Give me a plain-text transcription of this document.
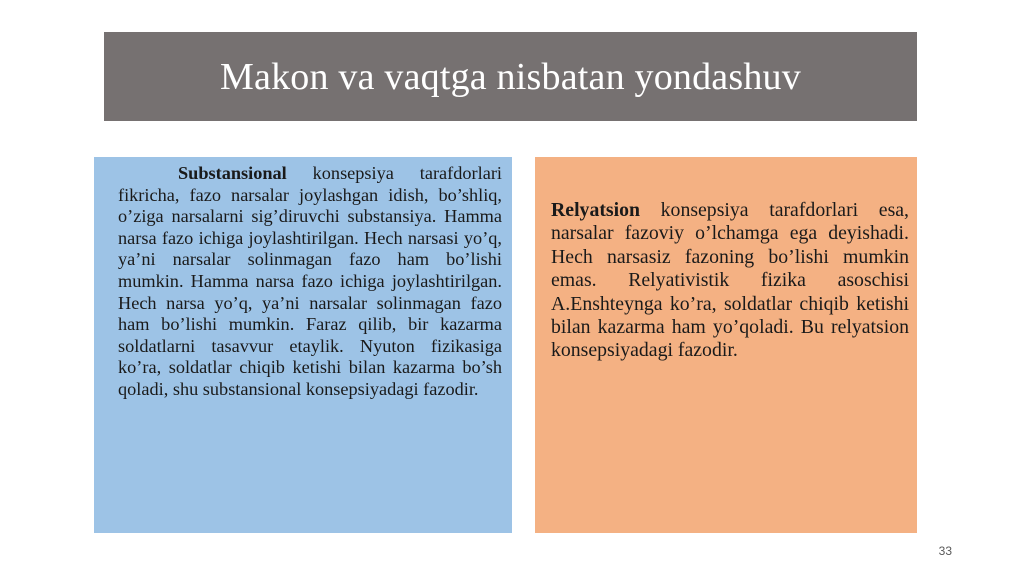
Makon va vaqtga nisbatan yondashuv

Substansional konsepsiya tarafdorlari fikricha, fazo narsalar joylashgan idish, bo’shliq, o’ziga narsalarni sig’diruvchi substansiya. Hamma narsa fazo ichiga joylashtirilgan. Hech narsasi yo’q, ya’ni narsalar solinmagan fazo ham bo’lishi mumkin. Hamma narsa fazo ichiga joylashtirilgan. Hech narsa yo’q, ya’ni narsalar solinmagan fazo ham bo’lishi mumkin. Faraz qilib, bir kazarma soldatlarni tasavvur etaylik. Nyuton fizikasiga ko’ra, soldatlar chiqib ketishi bilan kazarma bo’sh qoladi, shu substansional konsepsiyadagi fazodir.

Relyatsion konsepsiya tarafdorlari esa, narsalar fazoviy o’lchamga ega deyishadi. Hech narsasiz fazoning bo’lishi mumkin emas. Relyativistik fizika asoschisi A.Enshteynga ko’ra, soldatlar chiqib ketishi bilan kazarma ham yo’qoladi. Bu relyatsion konsepsiyadagi fazodir.

33
